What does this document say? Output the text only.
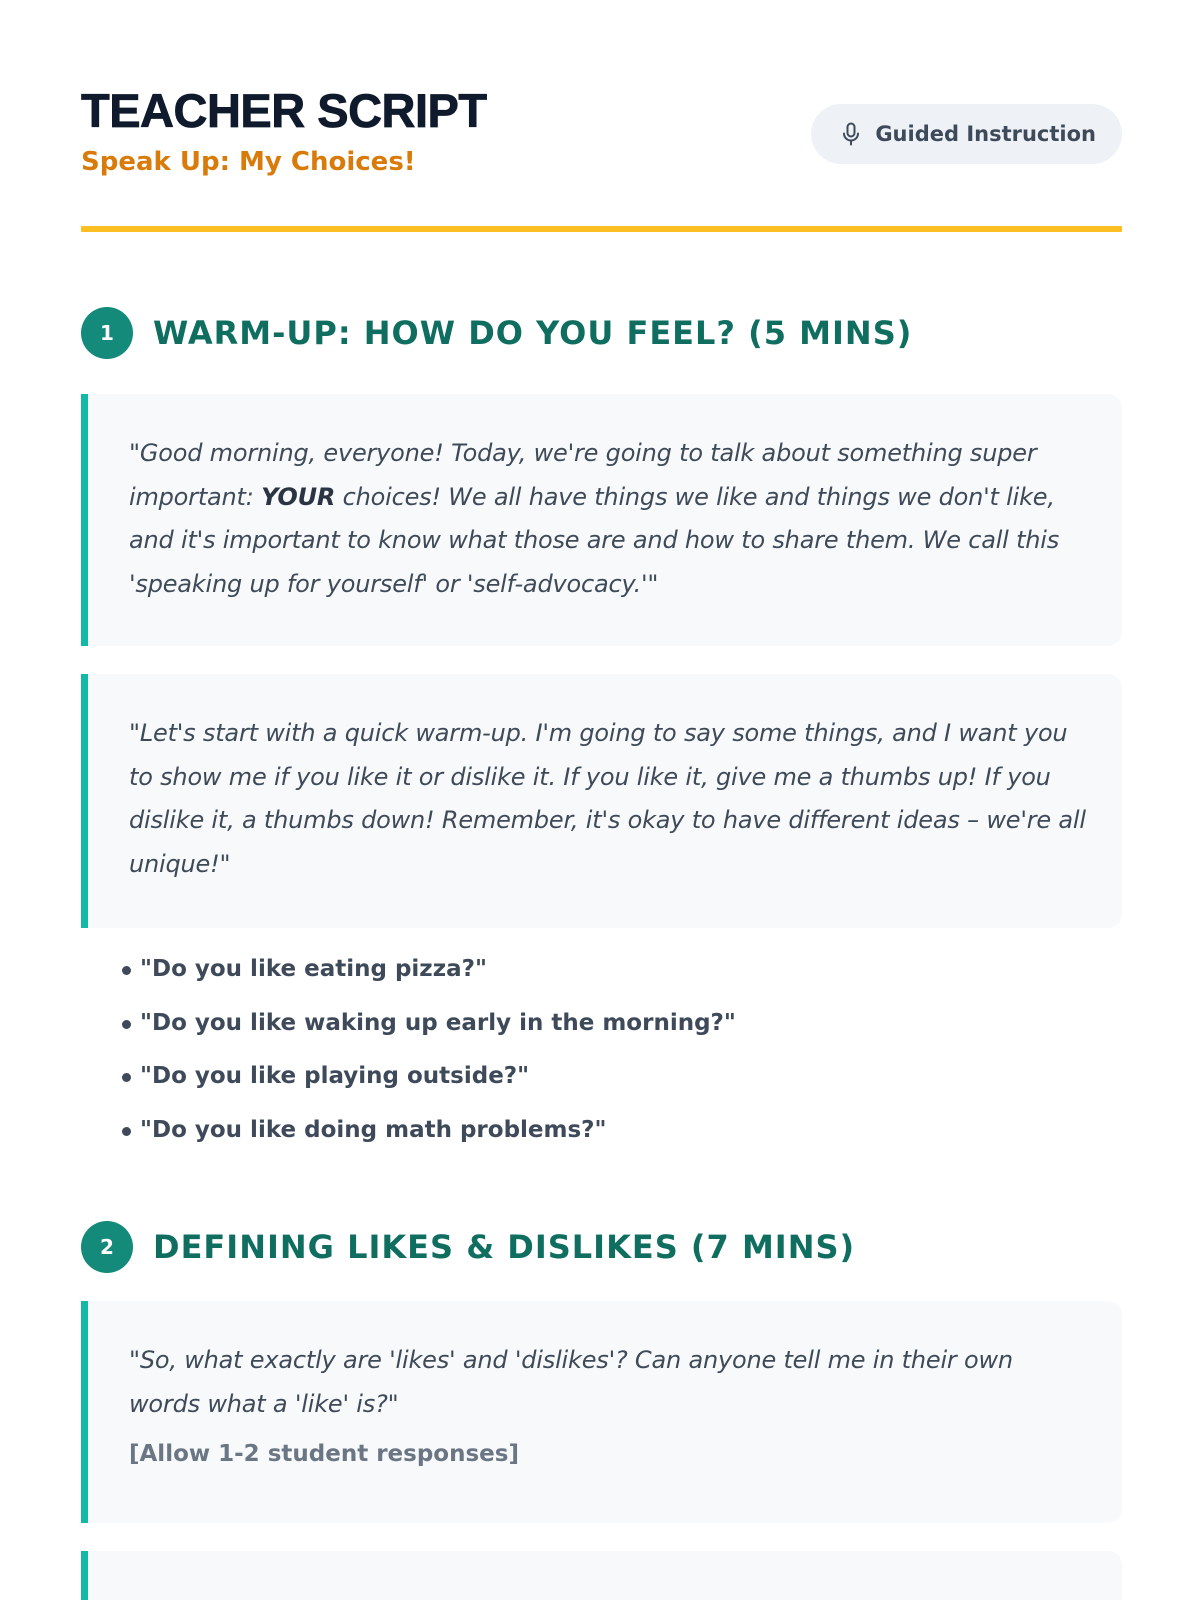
TEACHER SCRIPT
Speak Up: My Choices!
Guided Instruction
1	WARM-UP: HOW DO YOU FEEL? (5 MINS)

"Good morning, everyone! Today, we're going to talk about something super important: YOUR choices! We all have things we like and things we don't like, and it's important to know what those are and how to share them. We call this 'speaking up for yourself' or 'self-advocacy.'"

"Let's start with a quick warm-up. I'm going to say some things, and I want you to show me if you like it or dislike it. If you like it, give me a thumbs up! If you dislike it, a thumbs down! Remember, it's okay to have different ideas – we're all unique!"

"Do you like eating pizza?"
"Do you like waking up early in the morning?"
"Do you like playing outside?"
"Do you like doing math problems?"
2	DEFINING LIKES & DISLIKES (7 MINS)

"So, what exactly are 'likes' and 'dislikes'? Can anyone tell me in their own words what a 'like' is?"

[Allow 1-2 student responses]
